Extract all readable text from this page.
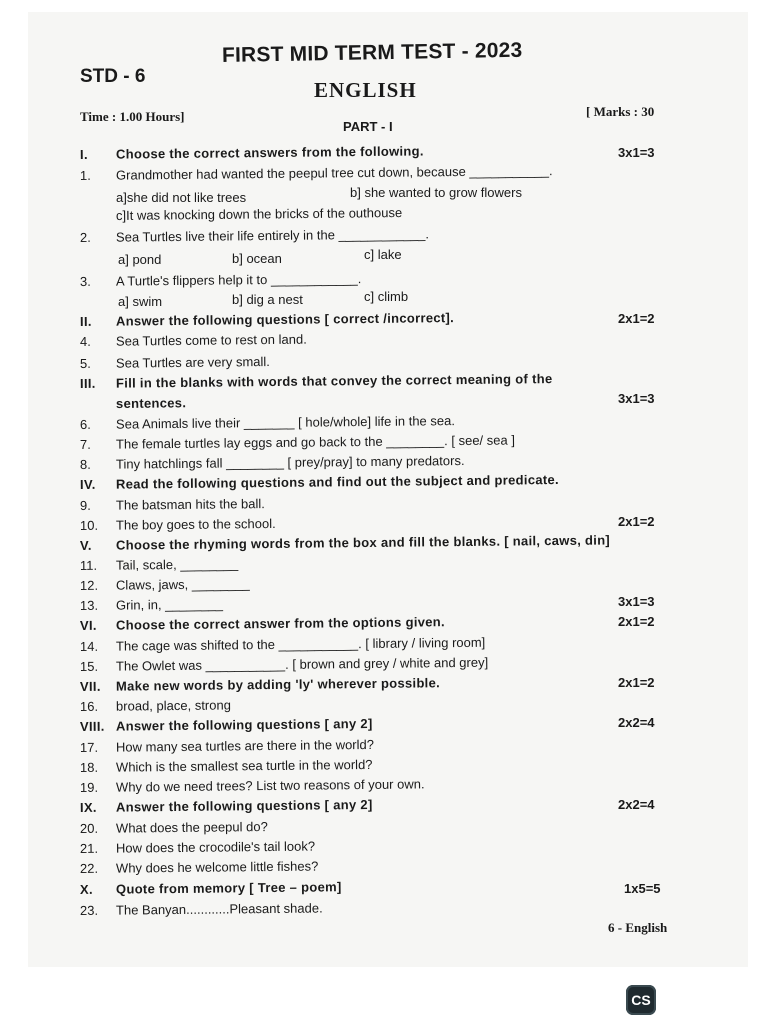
FIRST MID TERM TEST - 2023
STD - 6
ENGLISH
Time : 1.00 Hours]	[ Marks : 30
PART - I
I. Choose the correct answers from the following.	3x1=3
1. Grandmother had wanted the peepul tree cut down, because ___________.
a]she did not like trees	b] she wanted to grow flowers
c]It was knocking down the bricks of the outhouse
2. Sea Turtles live their life entirely in the ____________.
a] pond	b] ocean	c] lake
3. A Turtle's flippers help it to ____________.
a] swim	b] dig a nest	c] climb
II. Answer the following questions [ correct /incorrect].	2x1=2
4. Sea Turtles come to rest on land.
5. Sea Turtles are very small.
III. Fill in the blanks with words that convey the correct meaning of the
sentences.	3x1=3
6. Sea Animals live their _______ [ hole/whole] life in the sea.
7. The female turtles lay eggs and go back to the ________. [ see/ sea ]
8. Tiny hatchlings fall ________ [ prey/pray] to many predators.
IV. Read the following questions and find out the subject and predicate.
9. The batsman hits the ball.
10. The boy goes to the school.	2x1=2
V. Choose the rhyming words from the box and fill the blanks. [ nail, caws, din]
11. Tail, scale, ________
12. Claws, jaws, ________
13. Grin, in, ________	3x1=3
VI. Choose the correct answer from the options given.	2x1=2
14. The cage was shifted to the ___________. [ library / living room]
15. The Owlet was ___________. [ brown and grey / white and grey]
VII. Make new words by adding 'ly' wherever possible.	2x1=2
16. broad, place, strong
VIII. Answer the following questions [ any 2]	2x2=4
17. How many sea turtles are there in the world?
18. Which is the smallest sea turtle in the world?
19. Why do we need trees? List two reasons of your own.
IX. Answer the following questions [ any 2]	2x2=4
20. What does the peepul do?
21. How does the crocodile's tail look?
22. Why does he welcome little fishes?
X. Quote from memory [ Tree – poem]	1x5=5
23. The Banyan............Pleasant shade.
6 - English
CS
